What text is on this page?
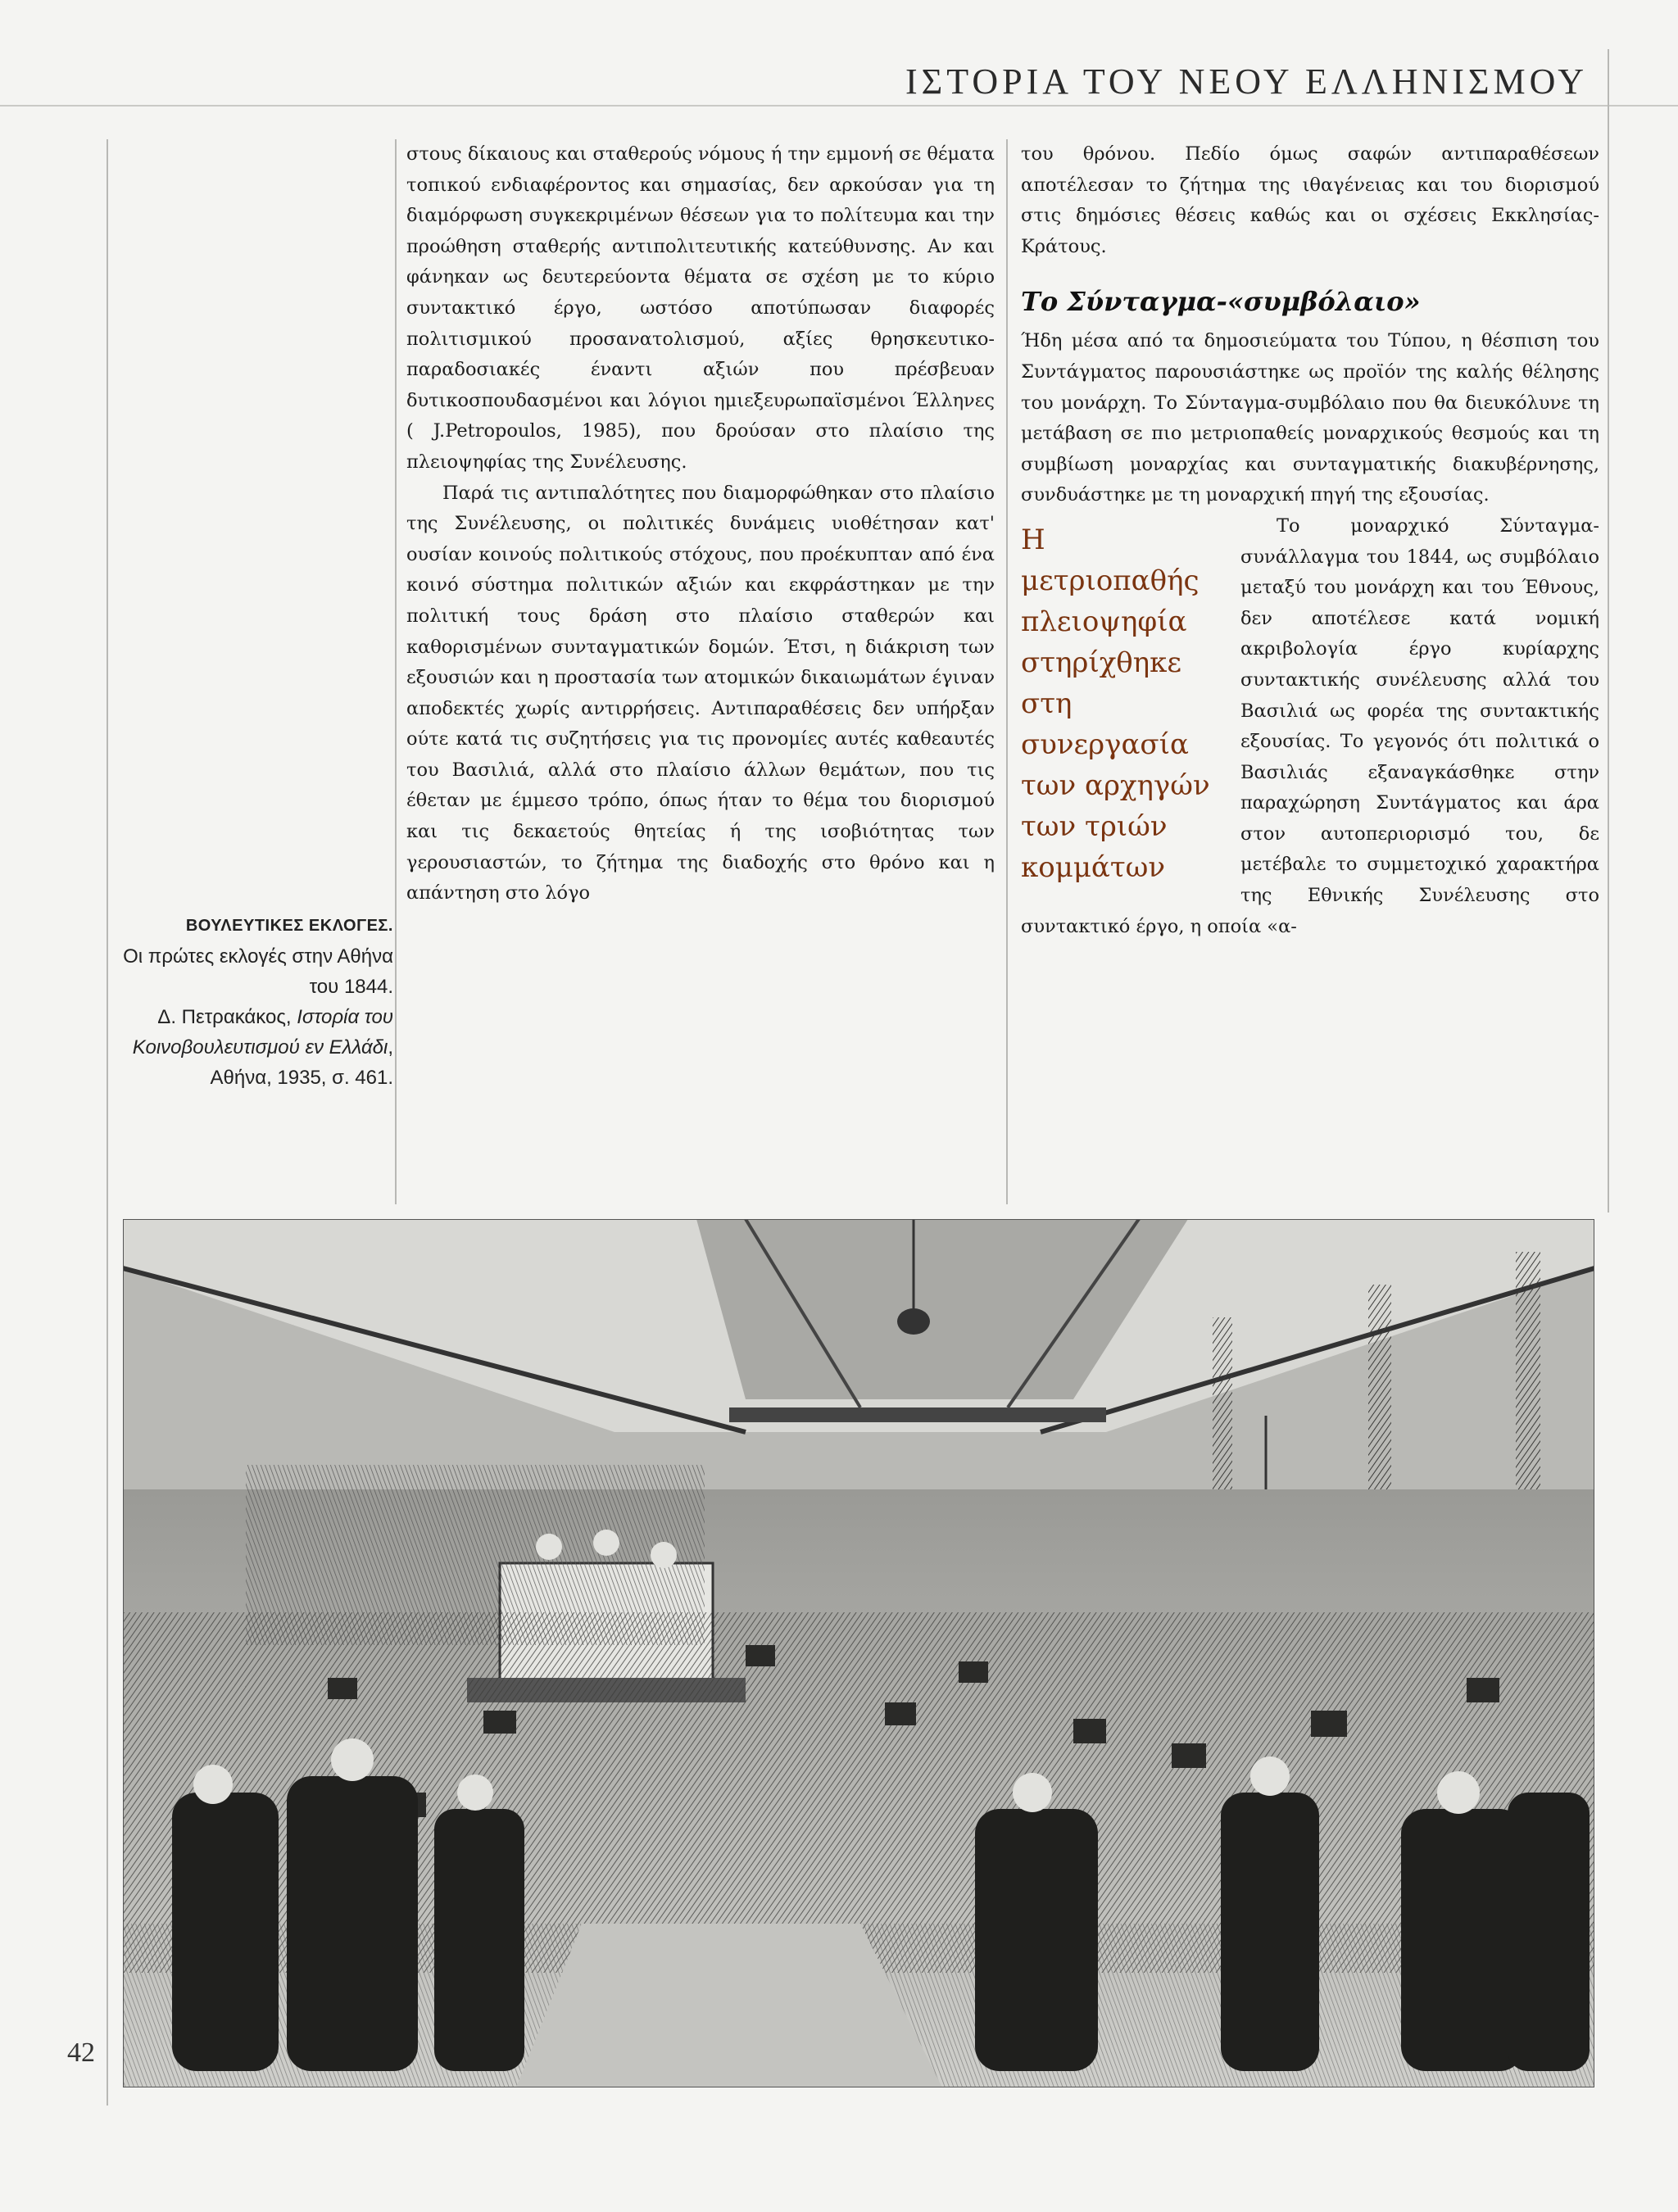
ΙΣΤΟΡΙΑ ΤΟΥ ΝΕΟΥ ΕΛΛΗΝΙΣΜΟΥ
42
ΒΟΥΛΕΥΤΙΚΕΣ ΕΚΛΟΓΕΣ.
Οι πρώτες εκλογές στην Αθήνα του 1844.
Δ. Πετρακάκος, Ιστορία του Κοινοβουλευτισμού εν Ελλάδι, Αθήνα, 1935, σ. 461.

στους δίκαιους και σταθερούς νόμους ή την εμμονή σε θέματα τοπικού ενδιαφέροντος και σημασίας, δεν αρκούσαν για τη διαμόρφωση συγκεκριμένων θέσεων για το πολίτευμα και την προώθηση σταθερής αντιπολιτευτικής κατεύθυνσης. Αν και φάνηκαν ως δευτερεύοντα θέματα σε σχέση με το κύριο συντακτικό έργο, ωστόσο αποτύπωσαν διαφορές πολιτισμικού προσανατολισμού, αξίες θρησκευτικο-παραδοσιακές έναντι αξιών που πρέσβευαν δυτικοσπουδασμένοι και λόγιοι ημιεξευρωπαϊσμένοι Έλληνες ( J.Petropoulos, 1985), που δρούσαν στο πλαίσιο της πλειοψηφίας της Συνέλευσης.

Παρά τις αντιπαλότητες που διαμορφώθηκαν στο πλαίσιο της Συνέλευσης, οι πολιτικές δυνάμεις υιοθέτησαν κατ' ουσίαν κοινούς πολιτικούς στόχους, που προέκυπταν από ένα κοινό σύστημα πολιτικών αξιών και εκφράστηκαν με την πολιτική τους δράση στο πλαίσιο σταθερών και καθορισμένων συνταγματικών δομών. Έτσι, η διάκριση των εξουσιών και η προστασία των ατομικών δικαιωμάτων έγιναν αποδεκτές χωρίς αντιρρήσεις. Αντιπαραθέσεις δεν υπήρξαν ούτε κατά τις συζητήσεις για τις προνομίες αυτές καθεαυτές του Βασιλιά, αλλά στο πλαίσιο άλλων θεμάτων, που τις έθεταν με έμμεσο τρόπο, όπως ήταν το θέμα του διορισμού και τις δεκαετούς θητείας ή της ισοβιότητας των γερουσιαστών, το ζήτημα της διαδοχής στο θρόνο και η απάντηση στο λόγο

του θρόνου. Πεδίο όμως σαφών αντιπαραθέσεων αποτέλεσαν το ζήτημα της ιθαγένειας και του διορισμού στις δημόσιες θέσεις καθώς και οι σχέσεις Εκκλησίας-Κράτους.

Το Σύνταγμα-«συμβόλαιο»

Ήδη μέσα από τα δημοσιεύματα του Τύπου, η θέσπιση του Συντάγματος παρουσιάστηκε ως προϊόν της καλής θέλησης του μονάρχη. Το Σύνταγμα-συμβόλαιο που θα διευκόλυνε τη μετάβαση σε πιο μετριοπαθείς μοναρχικούς θεσμούς και τη συμβίωση μοναρχίας και συνταγματικής διακυβέρνησης, συνδυάστηκε με τη μοναρχική πηγή της εξουσίας.

Η μετριοπαθής πλειοψηφία στηρίχθηκε στη συνεργασία των αρχηγών των τριών κομμάτων

Το μοναρχικό Σύνταγμα-συνάλλαγμα του 1844, ως συμβόλαιο μεταξύ του μονάρχη και του Έθνους, δεν αποτέλεσε κατά νομική ακριβολογία έργο κυρίαρχης συντακτικής συνέλευσης αλλά του Βασιλιά ως φορέα της συντακτικής εξουσίας. Το γεγονός ότι πολιτικά ο Βασιλιάς εξαναγκάσθηκε στην παραχώρηση Συντάγματος και άρα στον αυτοπεριορισμό του, δε μετέβαλε το συμμετοχικό χαρακτήρα της Εθνικής Συνέλευσης στο συντακτικό έργο, η οποία «α-
